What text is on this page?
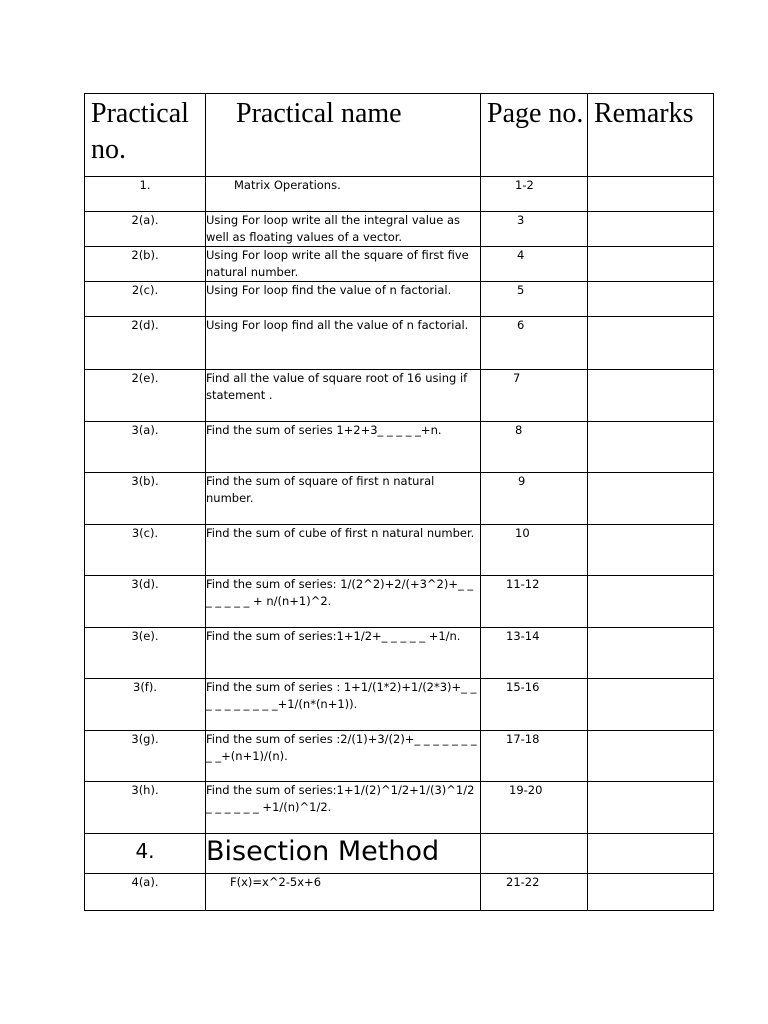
Practical no.	Practical name	Page no.	Remarks

1.	Matrix Operations.	1-2	

2(a).	Using For loop write all the integral value as well as floating values of a vector.	3	

2(b).	Using For loop write all the square of first five natural number.	4	

2(c).	Using For loop find the value of n factorial.	5	

2(d).	Using For loop find all the value of n factorial.	6	

2(e).	Find all the value of square root of 16 using if statement .	7	

3(a).	Find the sum of series 1+2+3_ _ _ _ _+n.	8	

3(b).	Find the sum of square of first n natural number.	9	

3(c).	Find the sum of cube of first n natural number.	10	

3(d).	Find the sum of series: 1/(2^2)+2/(+3^2)+_ _ _ _ _ _ _ + n/(n+1)^2.	11-12	

3(e).	Find the sum of series:1+1/2+_ _ _ _ _ +1/n.	13-14	

3(f).	Find the sum of series : 1+1/(1*2)+1/(2*3)+_ _ _ _ _ _ _ _ _ _+1/(n*(n+1)).	15-16	

3(g).	Find the sum of series :2/(1)+3/(2)+_ _ _ _ _ _ _ _ _+(n+1)/(n).	17-18	

3(h).	Find the sum of series:1+1/(2)^1/2+1/(3)^1/2 _ _ _ _ _ _ +1/(n)^1/2.	19-20	

4.	Bisection Method	

4(a).	F(x)=x^2-5x+6	21-22	
